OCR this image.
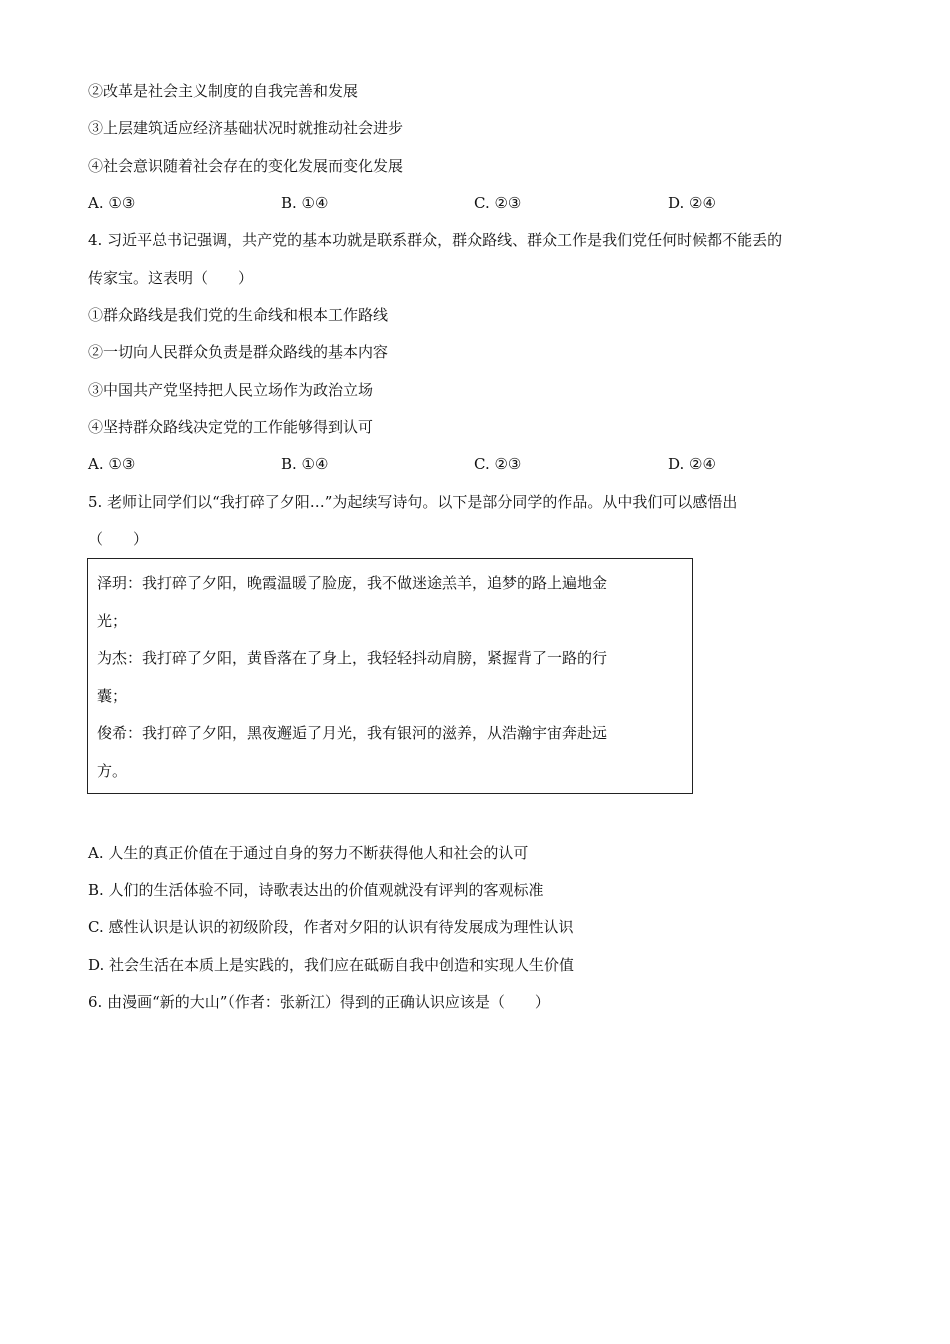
②改革是社会主义制度的自我完善和发展
③上层建筑适应经济基础状况时就推动社会进步
④社会意识随着社会存在的变化发展而变化发展
A. ①③	B. ①④	C. ②③	D. ②④
4. 习近平总书记强调，共产党的基本功就是联系群众，群众路线、群众工作是我们党任何时候都不能丢的
传家宝。这表明（　　）
①群众路线是我们党的生命线和根本工作路线
②一切向人民群众负责是群众路线的基本内容
③中国共产党坚持把人民立场作为政治立场
④坚持群众路线决定党的工作能够得到认可
A. ①③	B. ①④	C. ②③	D. ②④
5. 老师让同学们以“我打碎了夕阳…”为起续写诗句。以下是部分同学的作品。从中我们可以感悟出
（　　）
泽玥：我打碎了夕阳，晚霞温暖了脸庞，我不做迷途羔羊，追梦的路上遍地金
光；
为杰：我打碎了夕阳，黄昏落在了身上，我轻轻抖动肩膀，紧握背了一路的行
囊；
俊希：我打碎了夕阳，黑夜邂逅了月光，我有银河的滋养，从浩瀚宇宙奔赴远
方。
A. 人生的真正价值在于通过自身的努力不断获得他人和社会的认可
B. 人们的生活体验不同，诗歌表达出的价值观就没有评判的客观标准
C. 感性认识是认识的初级阶段，作者对夕阳的认识有待发展成为理性认识
D. 社会生活在本质上是实践的，我们应在砥砺自我中创造和实现人生价值
6. 由漫画“新的大山”（作者：张新江）得到的正确认识应该是（　　）
